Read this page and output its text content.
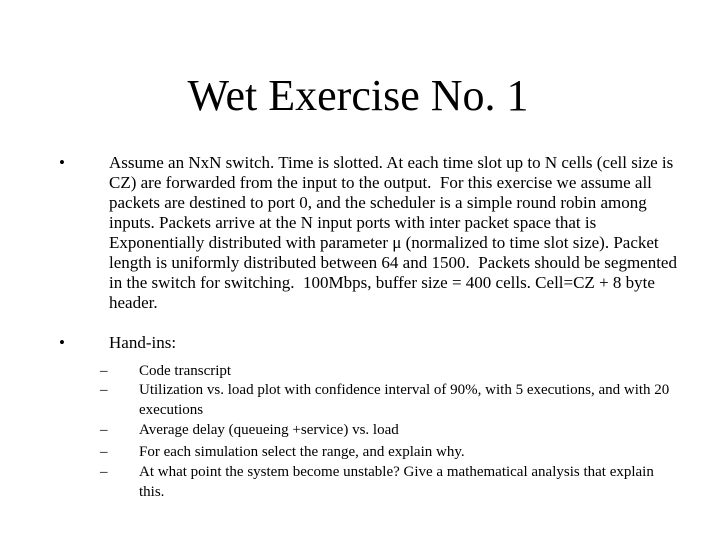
Wet Exercise No. 1
•	Assume an NxN switch. Time is slotted. At each time slot up to N cells (cell size is CZ) are forwarded from the input to the output.  For this exercise we assume all packets are destined to port 0, and the scheduler is a simple round robin among inputs. Packets arrive at the N input ports with inter packet space that is Exponentially distributed with parameter μ (normalized to time slot size). Packet length is uniformly distributed between 64 and 1500.  Packets should be segmented in the switch for switching.  100Mbps, buffer size = 400 cells. Cell=CZ + 8 byte header.
•	Hand-ins:
– Code transcript
– Utilization vs. load plot with confidence interval of 90%, with 5 executions, and with 20 executions
– Average delay (queueing +service) vs. load
– For each simulation select the range, and explain why.
– At what point the system become unstable? Give a mathematical analysis that explain this.
